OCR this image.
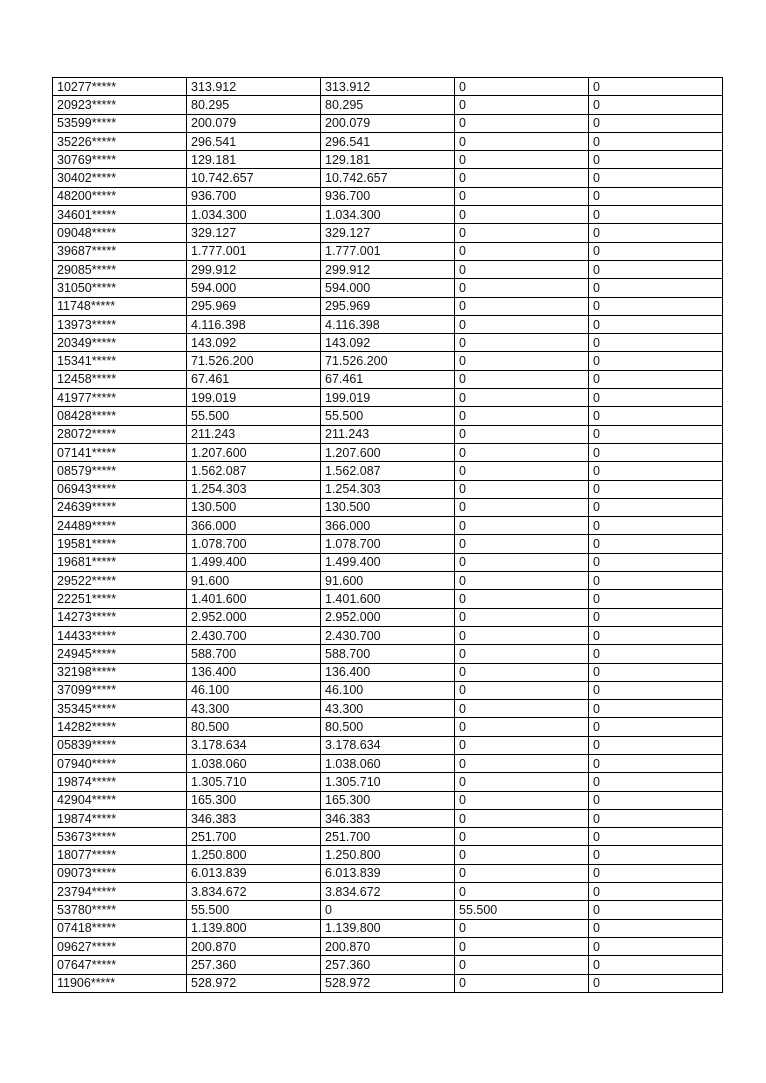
10277*****	313.912	313.912	0	0
20923*****	80.295	80.295	0	0
53599*****	200.079	200.079	0	0
35226*****	296.541	296.541	0	0
30769*****	129.181	129.181	0	0
30402*****	10.742.657	10.742.657	0	0
48200*****	936.700	936.700	0	0
34601*****	1.034.300	1.034.300	0	0
09048*****	329.127	329.127	0	0
39687*****	1.777.001	1.777.001	0	0
29085*****	299.912	299.912	0	0
31050*****	594.000	594.000	0	0
11748*****	295.969	295.969	0	0
13973*****	4.116.398	4.116.398	0	0
20349*****	143.092	143.092	0	0
15341*****	71.526.200	71.526.200	0	0
12458*****	67.461	67.461	0	0
41977*****	199.019	199.019	0	0
08428*****	55.500	55.500	0	0
28072*****	211.243	211.243	0	0
07141*****	1.207.600	1.207.600	0	0
08579*****	1.562.087	1.562.087	0	0
06943*****	1.254.303	1.254.303	0	0
24639*****	130.500	130.500	0	0
24489*****	366.000	366.000	0	0
19581*****	1.078.700	1.078.700	0	0
19681*****	1.499.400	1.499.400	0	0
29522*****	91.600	91.600	0	0
22251*****	1.401.600	1.401.600	0	0
14273*****	2.952.000	2.952.000	0	0
14433*****	2.430.700	2.430.700	0	0
24945*****	588.700	588.700	0	0
32198*****	136.400	136.400	0	0
37099*****	46.100	46.100	0	0
35345*****	43.300	43.300	0	0
14282*****	80.500	80.500	0	0
05839*****	3.178.634	3.178.634	0	0
07940*****	1.038.060	1.038.060	0	0
19874*****	1.305.710	1.305.710	0	0
42904*****	165.300	165.300	0	0
19874*****	346.383	346.383	0	0
53673*****	251.700	251.700	0	0
18077*****	1.250.800	1.250.800	0	0
09073*****	6.013.839	6.013.839	0	0
23794*****	3.834.672	3.834.672	0	0
53780*****	55.500	0	55.500	0
07418*****	1.139.800	1.139.800	0	0
09627*****	200.870	200.870	0	0
07647*****	257.360	257.360	0	0
11906*****	528.972	528.972	0	0
